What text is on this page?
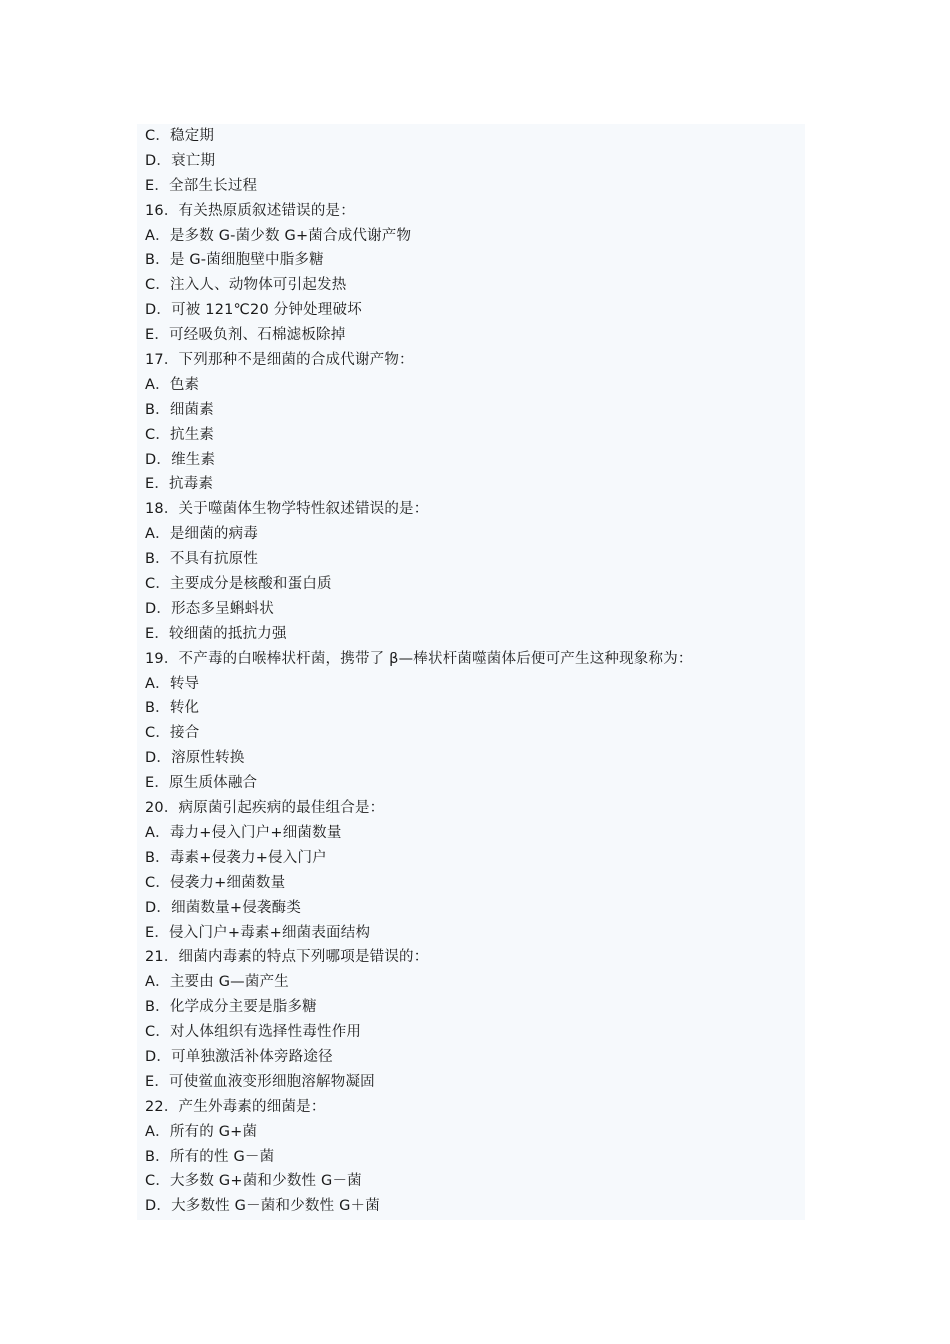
C．稳定期
D．衰亡期
E．全部生长过程
16．有关热原质叙述错误的是：
A．是多数 G-菌少数 G+菌合成代谢产物
B．是 G-菌细胞壁中脂多糖
C．注入人、动物体可引起发热
D．可被 121℃20 分钟处理破坏
E．可经吸负剂、石棉滤板除掉
17．下列那种不是细菌的合成代谢产物：
A．色素
B．细菌素
C．抗生素
D．维生素
E．抗毒素
18．关于噬菌体生物学特性叙述错误的是：
A．是细菌的病毒
B．不具有抗原性
C．主要成分是核酸和蛋白质
D．形态多呈蝌蚪状
E．较细菌的抵抗力强
19．不产毒的白喉棒状杆菌，携带了 β—棒状杆菌噬菌体后便可产生这种现象称为：
A．转导
B．转化
C．接合
D．溶原性转换
E．原生质体融合
20．病原菌引起疾病的最佳组合是：
A．毒力+侵入门户+细菌数量
B．毒素+侵袭力+侵入门户
C．侵袭力+细菌数量
D．细菌数量+侵袭酶类
E．侵入门户+毒素+细菌表面结构
21．细菌内毒素的特点下列哪项是错误的：
A．主要由 G—菌产生
B．化学成分主要是脂多糖
C．对人体组织有选择性毒性作用
D．可单独激活补体旁路途径
E．可使鲎血液变形细胞溶解物凝固
22．产生外毒素的细菌是：
A．所有的 G+菌
B．所有的性 G－菌
C．大多数 G+菌和少数性 G－菌
D．大多数性 G－菌和少数性 G＋菌
